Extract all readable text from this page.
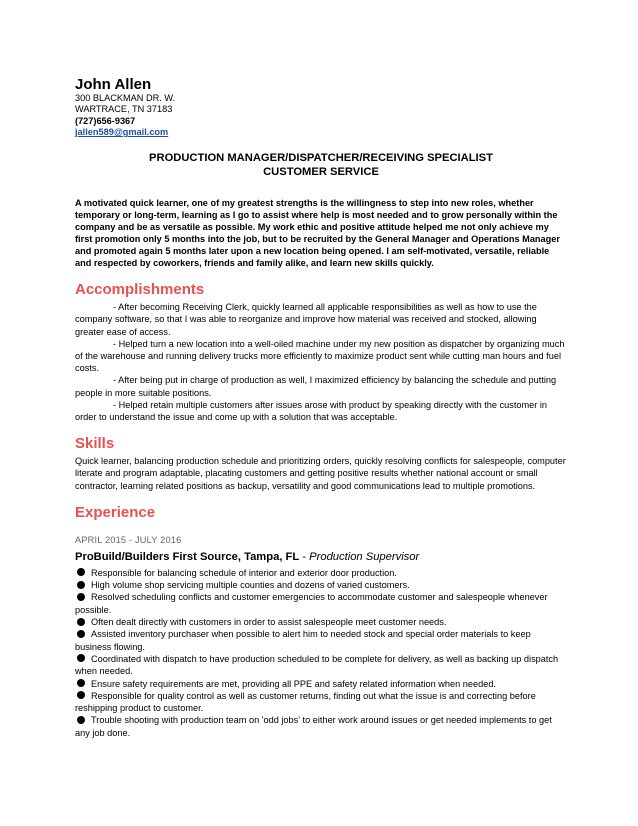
John Allen

300 BLACKMAN DR. W.

WARTRACE, TN 37183

(727)656-9367

jallen589@gmail.com

PRODUCTION MANAGER/DISPATCHER/RECEIVING SPECIALIST
CUSTOMER SERVICE

A motivated quick learner, one of my greatest strengths is the willingness to step into new roles, whether temporary or long-term, learning as I go to assist where help is most needed and to grow personally within the company and be as versatile as possible. My work ethic and positive attitude helped me not only achieve my first promotion only 5 months into the job, but to be recruited by the General Manager and Operations Manager and promoted again 5 months later upon a new location being opened. I am self-motivated, versatile, reliable and respected by coworkers, friends and family alike, and learn new skills quickly.

Accomplishments

- After becoming Receiving Clerk, quickly learned all applicable responsibilities as well as how to use the company software, so that I was able to reorganize and improve how material was received and stocked, allowing greater ease of access.

- Helped turn a new location into a well-oiled machine under my new position as dispatcher by organizing much of the warehouse and running delivery trucks more efficiently to maximize product sent while cutting man hours and fuel costs.

- After being put in charge of production as well, I maximized efficiency by balancing the schedule and putting people in more suitable positions.

- Helped retain multiple customers after issues arose with product by speaking directly with the customer in order to understand the issue and come up with a solution that was acceptable.

Skills

Quick learner, balancing production schedule and prioritizing orders, quickly resolving conflicts for salespeople, computer literate and program adaptable, placating customers and getting positive results whether national account or small contractor, learning related positions as backup, versatility and good communications lead to multiple promotions.

Experience
APRIL 2015 - JULY 2016
ProBuild/Builders First Source, Tampa, FL - Production Supervisor
Responsible for balancing schedule of interior and exterior door production.
High volume shop servicing multiple counties and dozens of varied customers.
Resolved scheduling conflicts and customer emergencies to accommodate customer and salespeople whenever possible.
Often dealt directly with customers in order to assist salespeople meet customer needs.
Assisted inventory purchaser when possible to alert him to needed stock and special order materials to keep business flowing.
Coordinated with dispatch to have production scheduled to be complete for delivery, as well as backing up dispatch when needed.
Ensure safety requirements are met, providing all PPE and safety related information when needed.
Responsible for quality control as well as customer returns, finding out what the issue is and correcting before reshipping product to customer.
Trouble shooting with production team on 'odd jobs' to either work around issues or get needed implements to get any job done.
